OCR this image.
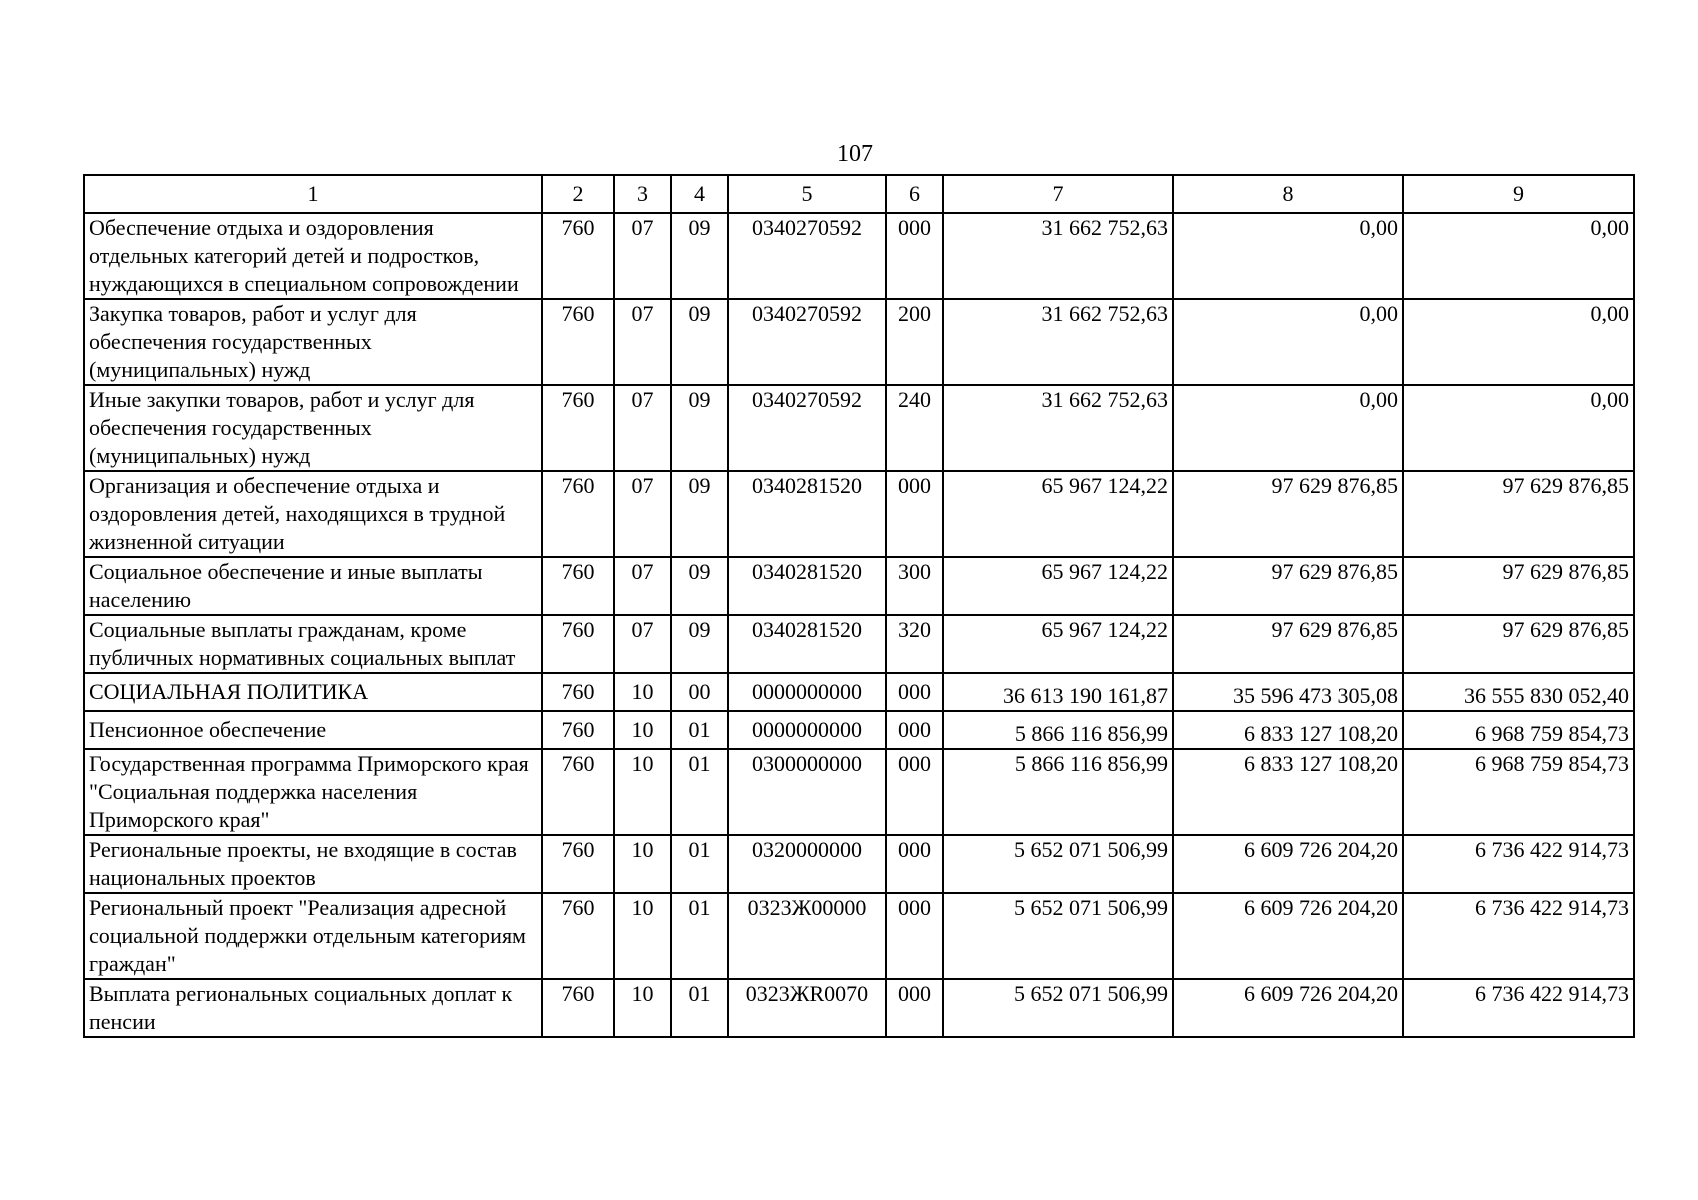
107
1	2	3	4	5	6	7	8	9
Обеспечение отдыха и оздоровления отдельных категорий детей и подростков, нуждающихся в специальном сопровождении	760	07	09	0340270592	000	31 662 752,63	0,00	0,00
Закупка товаров, работ и услуг для обеспечения государственных (муниципальных) нужд	760	07	09	0340270592	200	31 662 752,63	0,00	0,00
Иные закупки товаров, работ и услуг для обеспечения государственных (муниципальных) нужд	760	07	09	0340270592	240	31 662 752,63	0,00	0,00
Организация и обеспечение отдыха и оздоровления детей, находящихся в трудной жизненной ситуации	760	07	09	0340281520	000	65 967 124,22	97 629 876,85	97 629 876,85
Социальное обеспечение и иные выплаты населению	760	07	09	0340281520	300	65 967 124,22	97 629 876,85	97 629 876,85
Социальные выплаты гражданам, кроме публичных нормативных социальных выплат	760	07	09	0340281520	320	65 967 124,22	97 629 876,85	97 629 876,85
СОЦИАЛЬНАЯ ПОЛИТИКА	760	10	00	0000000000	000	36 613 190 161,87	35 596 473 305,08	36 555 830 052,40
Пенсионное обеспечение	760	10	01	0000000000	000	5 866 116 856,99	6 833 127 108,20	6 968 759 854,73
Государственная программа Приморского края "Социальная поддержка населения Приморского края"	760	10	01	0300000000	000	5 866 116 856,99	6 833 127 108,20	6 968 759 854,73
Региональные проекты, не входящие в состав национальных проектов	760	10	01	0320000000	000	5 652 071 506,99	6 609 726 204,20	6 736 422 914,73
Региональный проект "Реализация адресной социальной поддержки отдельным категориям граждан"	760	10	01	0323Ж00000	000	5 652 071 506,99	6 609 726 204,20	6 736 422 914,73
Выплата региональных социальных доплат к пенсии	760	10	01	0323ЖR0070	000	5 652 071 506,99	6 609 726 204,20	6 736 422 914,73
